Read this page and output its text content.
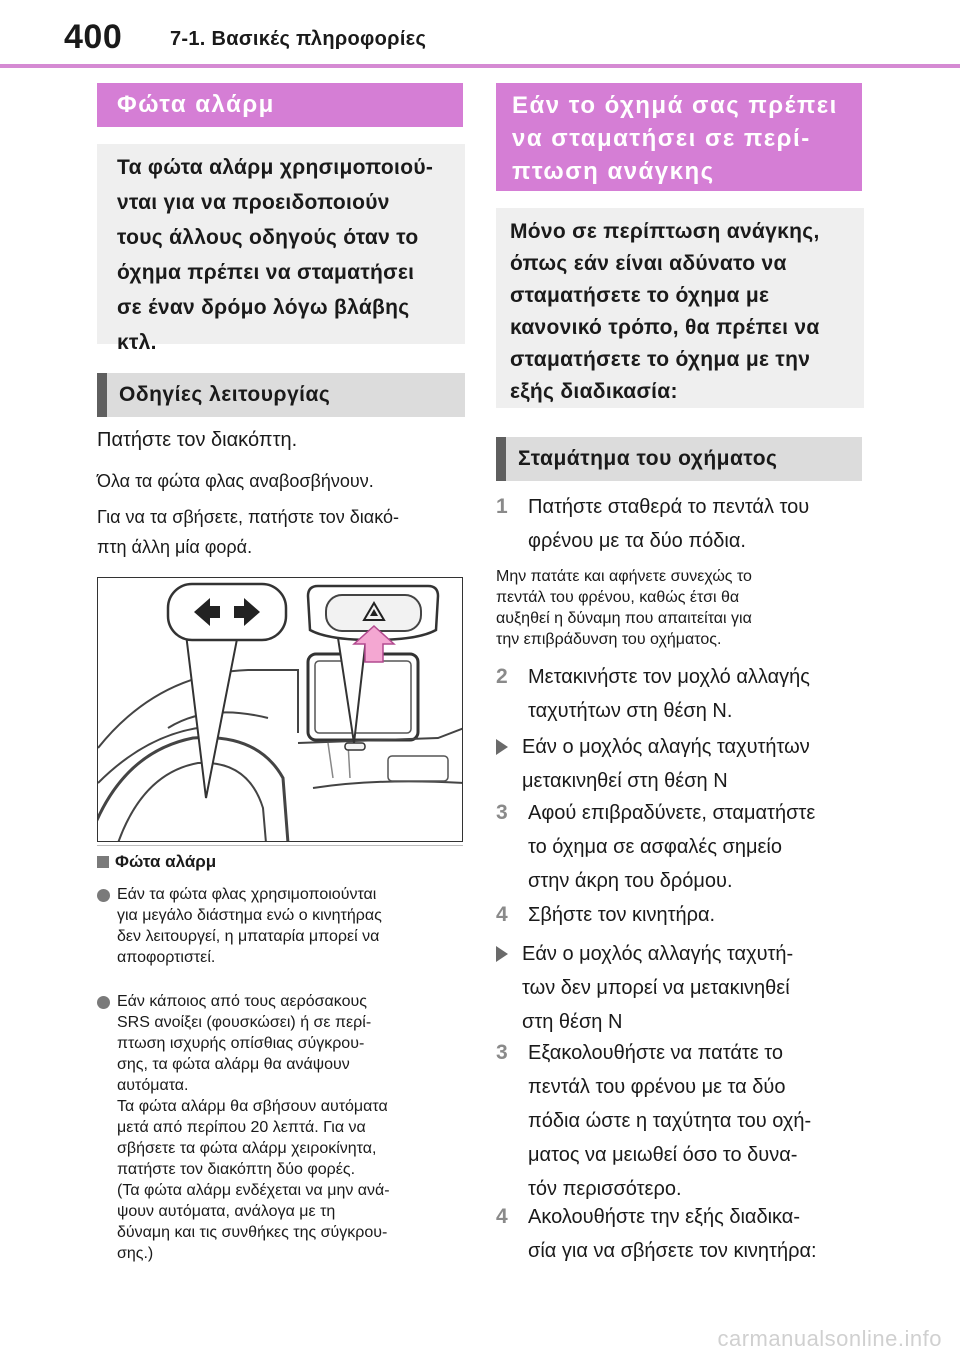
400 7-1. Βασικές πληροφορίες
Φώτα αλάρμ
Τα φώτα αλάρμ χρησιμοποιού-
νται για να προειδοποιούν
τους άλλους οδηγούς όταν το
όχημα πρέπει να σταματήσει
σε έναν δρόμο λόγω βλάβης
κτλ.
Οδηγίες λειτουργίας
Πατήστε τον διακόπτη.
Όλα τα φώτα φλας αναβοσβήνουν.
Για να τα σβήσετε, πατήστε τον διακό-
πτη άλλη μία φορά.
Φώτα αλάρμ
Εάν τα φώτα φλας χρησιμοποιούνται
για μεγάλο διάστημα ενώ ο κινητήρας
δεν λειτουργεί, η μπαταρία μπορεί να
αποφορτιστεί.
Εάν κάποιος από τους αερόσακους
SRS ανοίξει (φουσκώσει) ή σε περί-
πτωση ισχυρής οπίσθιας σύγκρου-
σης, τα φώτα αλάρμ θα ανάψουν
αυτόματα.
Τα φώτα αλάρμ θα σβήσουν αυτόματα
μετά από περίπου 20 λεπτά. Για να
σβήσετε τα φώτα αλάρμ χειροκίνητα,
πατήστε τον διακόπτη δύο φορές.
(Τα φώτα αλάρμ ενδέχεται να μην ανά-
ψουν αυτόματα, ανάλογα με τη
δύναμη και τις συνθήκες της σύγκρου-
σης.)
Εάν το όχημά σας πρέπει
να σταματήσει σε περί-
πτωση ανάγκης
Μόνο σε περίπτωση ανάγκης,
όπως εάν είναι αδύνατο να
σταματήσετε το όχημα με
κανονικό τρόπο, θα πρέπει να
σταματήσετε το όχημα με την
εξής διαδικασία:
Σταμάτημα του οχήματος
1 Πατήστε σταθερά το πεντάλ του
φρένου με τα δύο πόδια.
Μην πατάτε και αφήνετε συνεχώς το
πεντάλ του φρένου, καθώς έτσι θα
αυξηθεί η δύναμη που απαιτείται για
την επιβράδυνση του οχήματος.
2 Μετακινήστε τον μοχλό αλλαγής
ταχυτήτων στη θέση N.
Εάν ο μοχλός αλαγής ταχυτήτων
μετακινηθεί στη θέση N
3 Αφού επιβραδύνετε, σταματήστε
το όχημα σε ασφαλές σημείο
στην άκρη του δρόμου.
4 Σβήστε τον κινητήρα.
Εάν ο μοχλός αλλαγής ταχυτή-
των δεν μπορεί να μετακινηθεί
στη θέση N
3 Εξακολουθήστε να πατάτε το
πεντάλ του φρένου με τα δύο
πόδια ώστε η ταχύτητα του οχή-
ματος να μειωθεί όσο το δυνα-
τόν περισσότερο.
4 Ακολουθήστε την εξής διαδικα-
σία για να σβήσετε τον κινητήρα:
carmanualsonline.info
